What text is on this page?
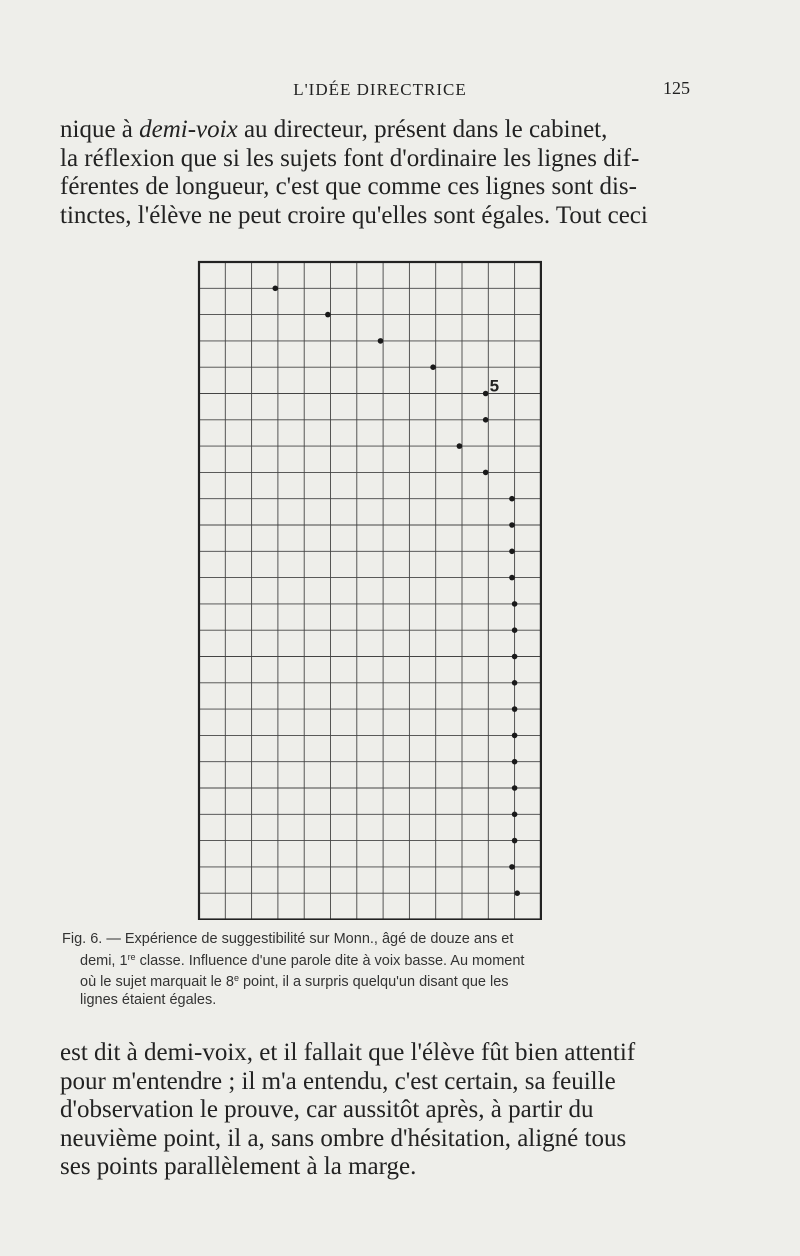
L'IDÉE DIRECTRICE	125
nique à demi-voix au directeur, présent dans le cabinet,
la réflexion que si les sujets font d'ordinaire les lignes dif-
férentes de longueur, c'est que comme ces lignes sont dis-
tinctes, l'élève ne peut croire qu'elles sont égales. Tout ceci
5
Fig. 6. — Expérience de suggestibilité sur Monn., âgé de douze ans et
demi, 1re classe. Influence d'une parole dite à voix basse. Au moment
où le sujet marquait le 8e point, il a surpris quelqu'un disant que les
lignes étaient égales.
est dit à demi-voix, et il fallait que l'élève fût bien attentif
pour m'entendre ; il m'a entendu, c'est certain, sa feuille
d'observation le prouve, car aussitôt après, à partir du
neuvième point, il a, sans ombre d'hésitation, aligné tous
ses points parallèlement à la marge.
